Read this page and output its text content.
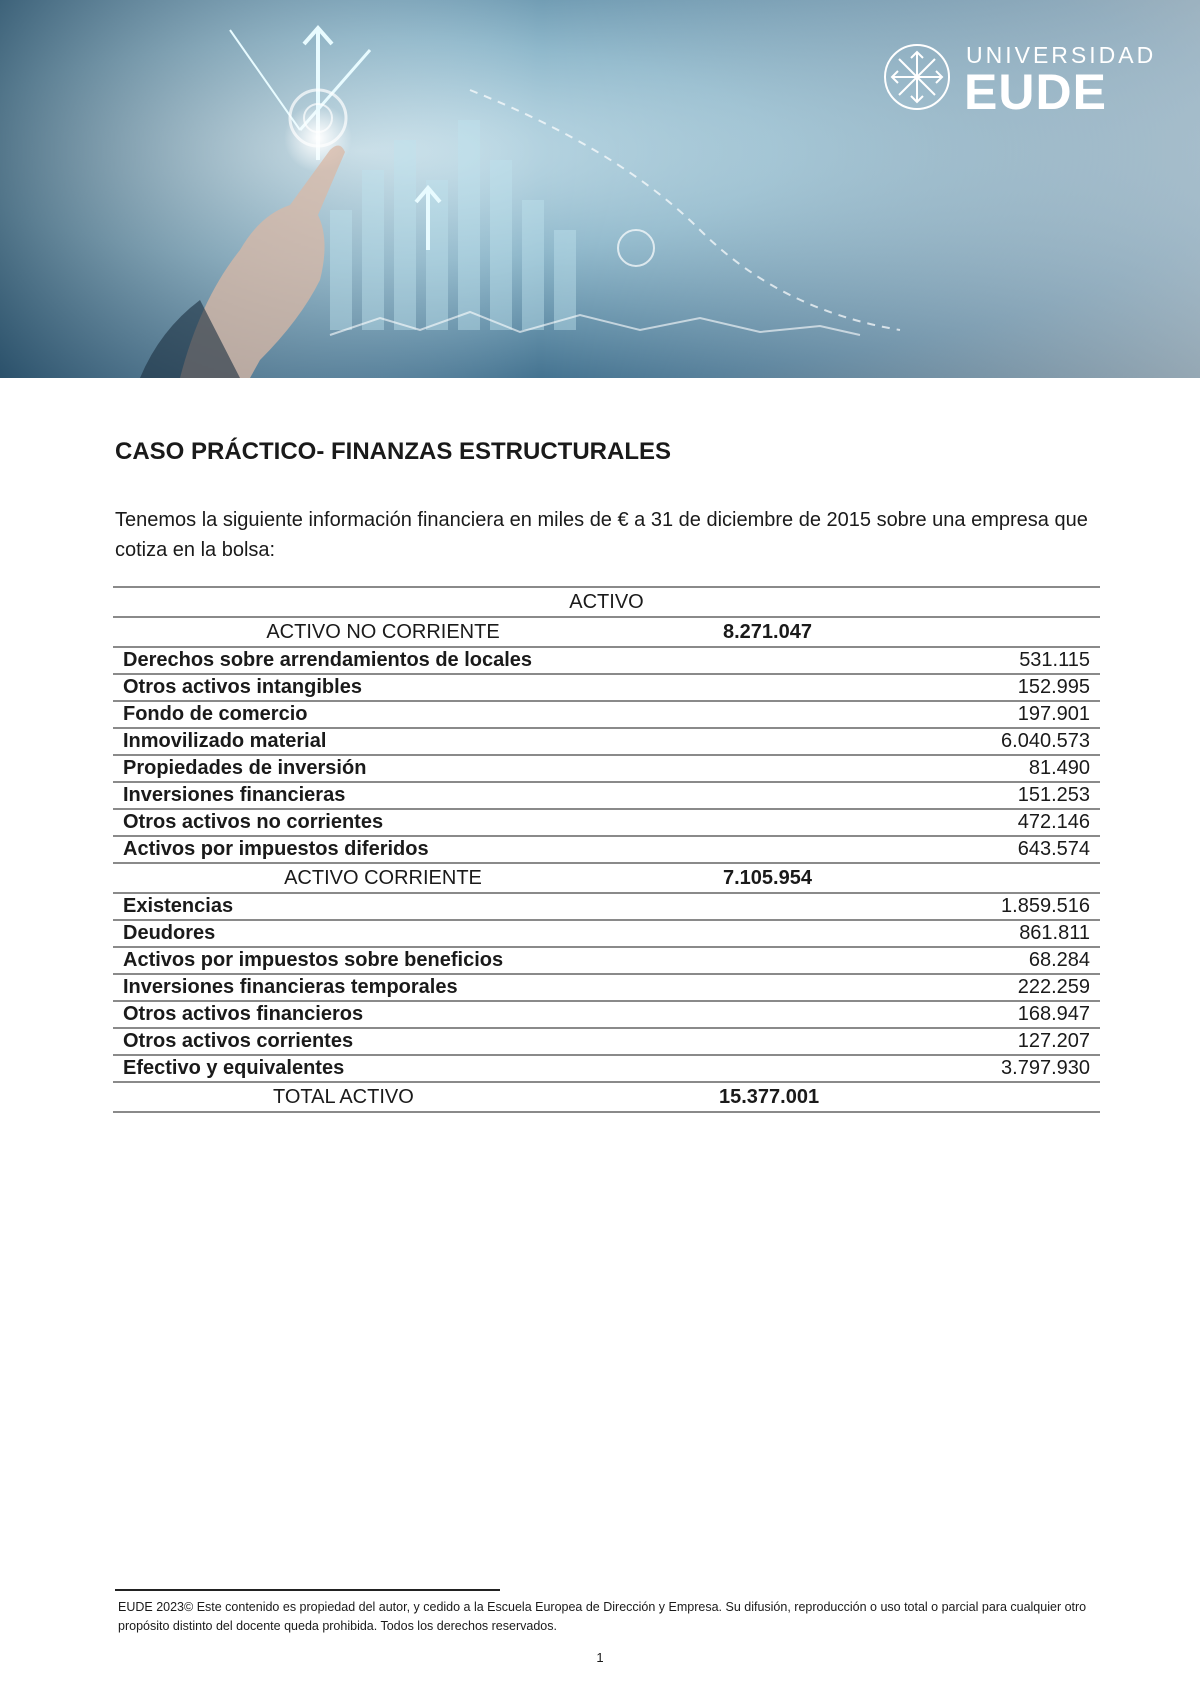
UNIVERSIDAD
EUDE
CASO PRÁCTICO- FINANZAS ESTRUCTURALES

Tenemos la siguiente información financiera en miles de € a 31 de diciembre de 2015 sobre una empresa que cotiza en la bolsa:

ACTIVO		
ACTIVO NO CORRIENTE	8.271.047	
Derechos sobre arrendamientos de locales		531.115
Otros activos intangibles		152.995
Fondo de comercio		197.901
Inmovilizado material		6.040.573
Propiedades de inversión		81.490
Inversiones financieras		151.253
Otros activos no corrientes		472.146
Activos por impuestos diferidos		643.574
ACTIVO CORRIENTE	7.105.954	
Existencias		1.859.516
Deudores		861.811
Activos por impuestos sobre beneficios		68.284
Inversiones financieras temporales		222.259
Otros activos financieros		168.947
Otros activos corrientes		127.207
Efectivo y equivalentes		3.797.930
TOTAL ACTIVO	15.377.001	

EUDE 2023© Este contenido es propiedad del autor, y cedido a la Escuela Europea de Dirección y Empresa. Su difusión, reproducción o uso total o parcial para cualquier otro propósito distinto del docente queda prohibida. Todos los derechos reservados.

1
